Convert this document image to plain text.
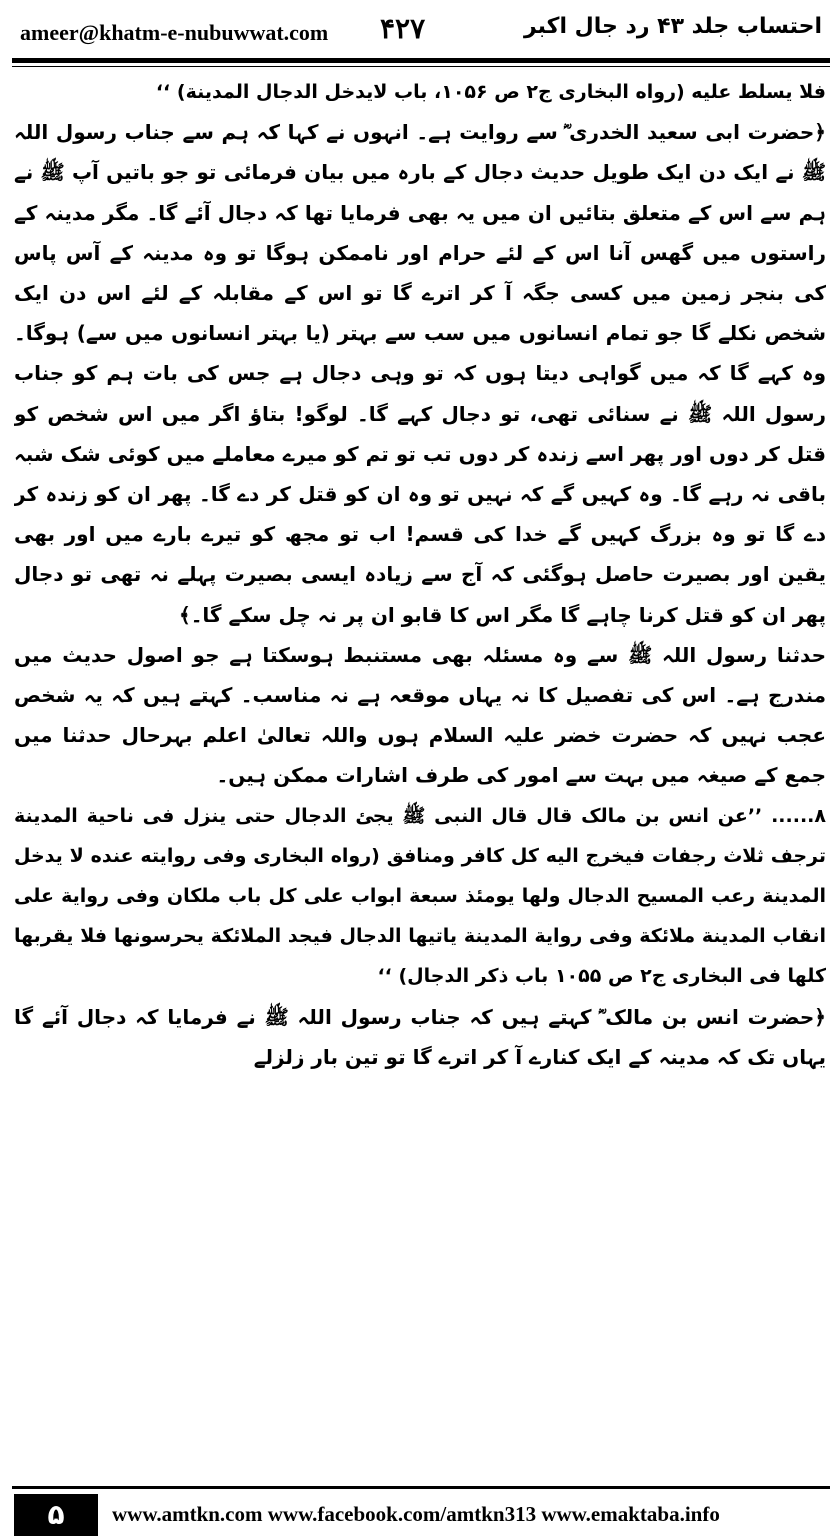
ameer@khatm-e-nubuwwat.com ۴۲۷	احتساب جلد ۴۳ رد جال اکبر

فلا یسلط علیه (رواه البخاری ج۲ ص ۱۰۵۶، باب لایدخل الدجال المدینة) ‘‘

﴿حضرت ابی سعید الخدری ؓ سے روایت ہے۔ انہوں نے کہا کہ ہم سے جناب رسول اللہ ﷺ نے ایک دن ایک طویل حدیث دجال کے بارہ میں بیان فرمائی تو جو باتیں آپ ﷺ نے ہم سے اس کے متعلق بتائیں ان میں یہ بھی فرمایا تھا کہ دجال آئے گا۔ مگر مدینہ کے راستوں میں گھس آنا اس کے لئے حرام اور ناممکن ہوگا تو وہ مدینہ کے آس پاس کی بنجر زمین میں کسی جگہ آ کر اترے گا تو اس کے مقابلہ کے لئے اس دن ایک شخص نکلے گا جو تمام انسانوں میں سب سے بہتر (یا بہتر انسانوں میں سے) ہوگا۔ وہ کہے گا کہ میں گواہی دیتا ہوں کہ تو وہی دجال ہے جس کی بات ہم کو جناب رسول اللہ ﷺ نے سنائی تھی، تو دجال کہے گا۔ لوگو! بتاؤ اگر میں اس شخص کو قتل کر دوں اور پھر اسے زندہ کر دوں تب تو تم کو میرے معاملے میں کوئی شک شبہ باقی نہ رہے گا۔ وہ کہیں گے کہ نہیں تو وہ ان کو قتل کر دے گا۔ پھر ان کو زندہ کر دے گا تو وہ بزرگ کہیں گے خدا کی قسم! اب تو مجھ کو تیرے بارے میں اور بھی یقین اور بصیرت حاصل ہوگئی کہ آج سے زیادہ ایسی بصیرت پہلے نہ تھی تو دجال پھر ان کو قتل کرنا چاہے گا مگر اس کا قابو ان پر نہ چل سکے گا۔﴾

حدثنا رسول اللہ ﷺ سے وہ مسئلہ بھی مستنبط ہوسکتا ہے جو اصول حدیث میں مندرج ہے۔ اس کی تفصیل کا نہ یہاں موقعہ ہے نہ مناسب۔ کہتے ہیں کہ یہ شخص عجب نہیں کہ حضرت خضر علیہ السلام ہوں واللہ تعالیٰ اعلم بہرحال حدثنا میں جمع کے صیغہ میں بہت سے امور کی طرف اشارات ممکن ہیں۔

۸...... ’’عن انس بن مالک قال قال النبی ﷺ یجئ الدجال حتی ینزل فی ناحیة المدینة ترجف ثلاث رجفات فیخرج الیه کل کافر ومنافق (رواه البخاری وفی روایته عنده لا یدخل المدینة رعب المسیح الدجال ولها یومئذ سبعة ابواب علی کل باب ملکان وفی روایة علی انقاب المدینة ملائکة وفی روایة المدینة یاتیها الدجال فیجد الملائکة یحرسونها فلا یقربها کلها فی البخاری ج۲ ص ۱۰۵۵ باب ذکر الدجال) ‘‘

﴿حضرت انس بن مالک ؓ کہتے ہیں کہ جناب رسول اللہ ﷺ نے فرمایا کہ دجال آئے گا یہاں تک کہ مدینہ کے ایک کنارے آ کر اترے گا تو تین بار زلزلے

۵	www.amtkn.com www.facebook.com/amtkn313 www.emaktaba.info
